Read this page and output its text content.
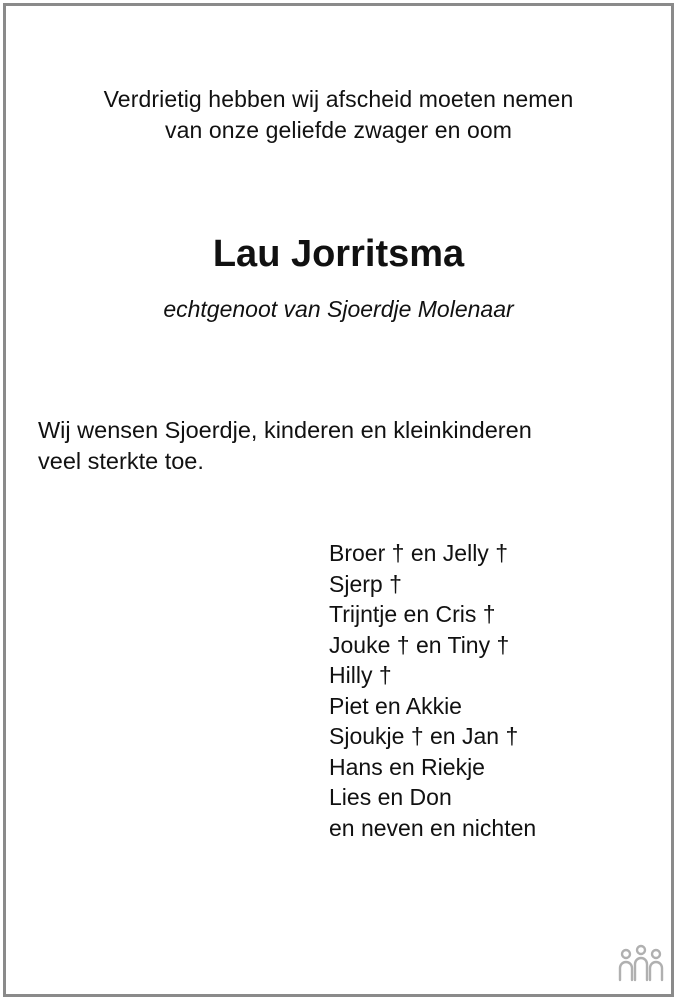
Verdrietig hebben wij afscheid moeten nemen
van onze geliefde zwager en oom
Lau Jorritsma
echtgenoot van Sjoerdje Molenaar
Wij wensen Sjoerdje, kinderen en kleinkinderen
veel sterkte toe.
Broer † en Jelly †
Sjerp †
Trijntje en Cris †
Jouke † en Tiny †
Hilly †
Piet en Akkie
Sjoukje † en Jan †
Hans en Riekje
Lies en Don
en neven en nichten
